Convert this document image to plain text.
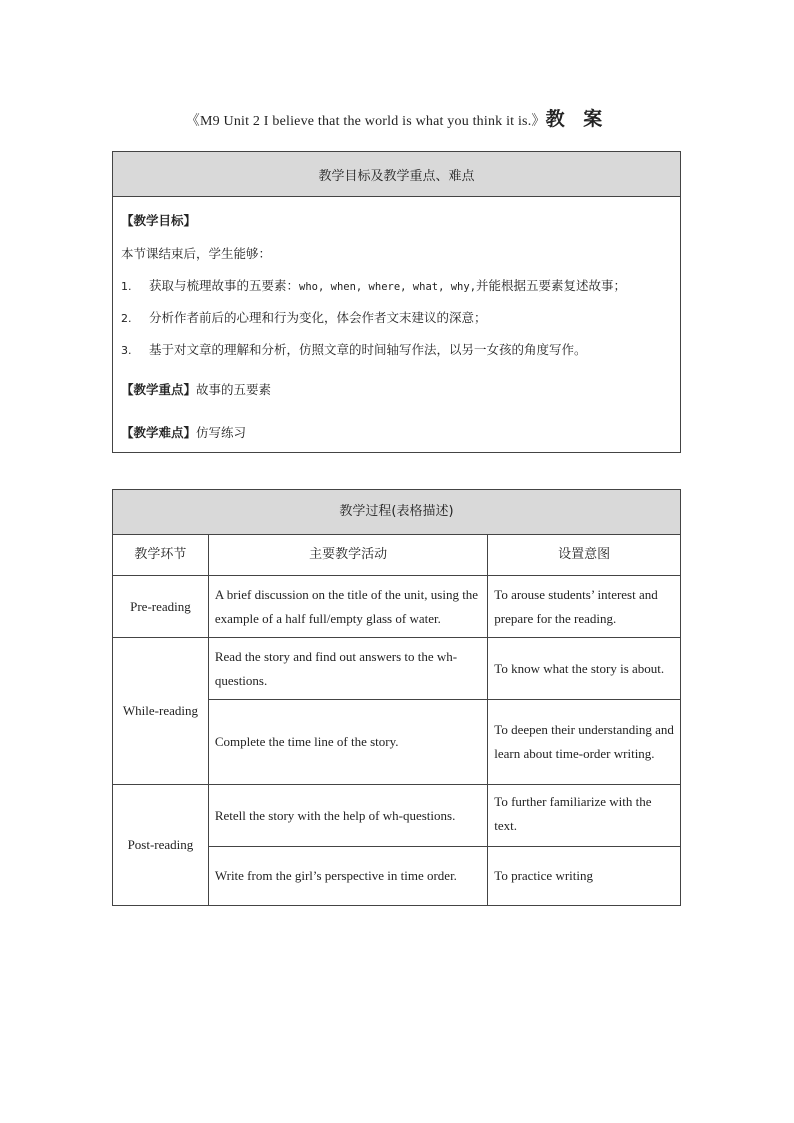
《M9 Unit 2 I believe that the world is what you think it is.》教 案
教学目标及教学重点、难点

【教学目标】
本节课结束后，学生能够：
1. 获取与梳理故事的五要素：who, when, where, what, why,并能根据五要素复述故事；
2. 分析作者前后的心理和行为变化，体会作者文末建议的深意；
3. 基于对文章的理解和分析，仿照文章的时间轴写作法，以另一女孩的角度写作。
【教学重点】故事的五要素
【教学难点】仿写练习
教学过程(表格描述)		
教学环节	主要教学活动	设置意图
Pre-reading	A brief discussion on the title of the unit, using the example of a half full/empty glass of water.	To arouse students’ interest and prepare for the reading.
While-reading	Read the story and find out answers to the wh-questions.	To know what the story is about.
	Complete the time line of the story.	To deepen their understanding and learn about time-order writing.
Post-reading	Retell the story with the help of wh-questions.	To further familiarize with the text.
	Write from the girl’s perspective in time order.	To practice writing
